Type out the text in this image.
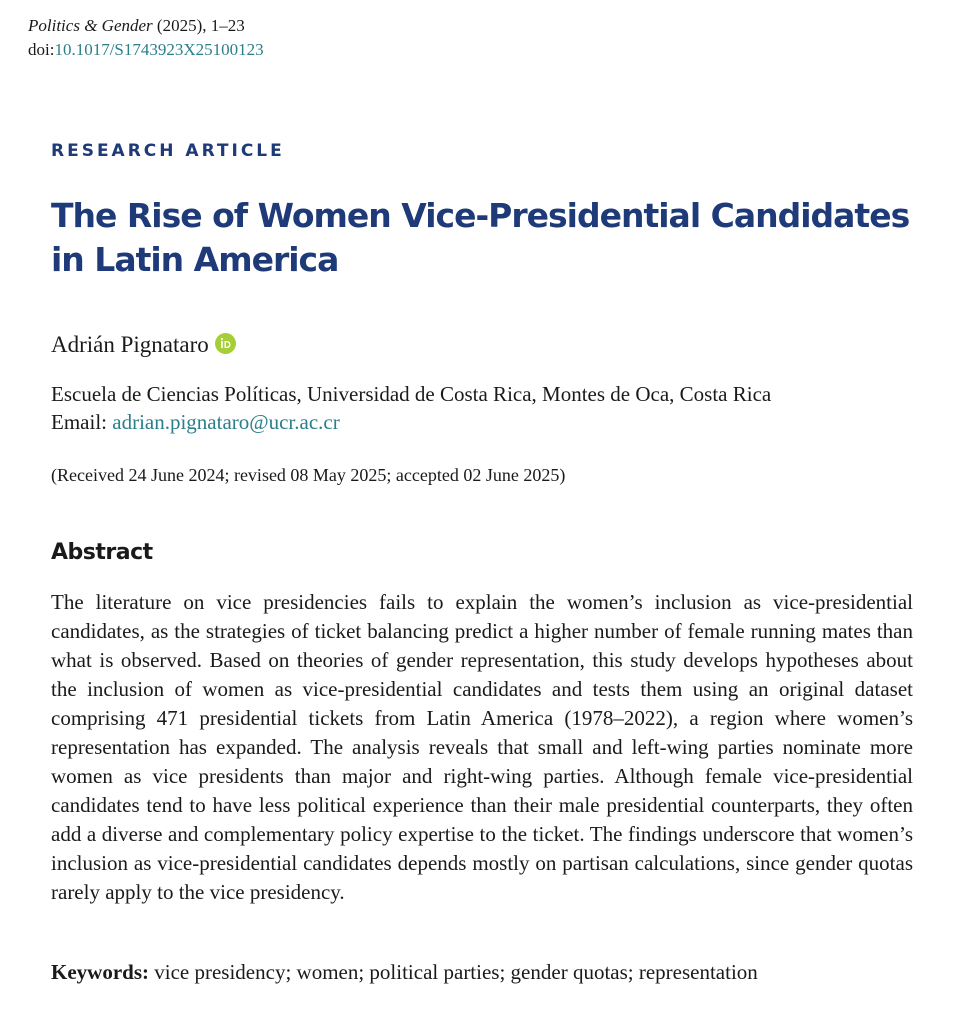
Politics & Gender (2025), 1–23
doi:10.1017/S1743923X25100123
RESEARCH ARTICLE
The Rise of Women Vice-Presidential Candidates in Latin America
Adrián Pignataro
Escuela de Ciencias Políticas, Universidad de Costa Rica, Montes de Oca, Costa Rica
Email: adrian.pignataro@ucr.ac.cr
(Received 24 June 2024; revised 08 May 2025; accepted 02 June 2025)
Abstract

The literature on vice presidencies fails to explain the women’s inclusion as vice-presidential candidates, as the strategies of ticket balancing predict a higher number of female running mates than what is observed. Based on theories of gender representation, this study develops hypotheses about the inclusion of women as vice-presidential candidates and tests them using an original dataset comprising 471 presidential tickets from Latin America (1978–2022), a region where women’s representation has expanded. The analysis reveals that small and left-wing parties nominate more women as vice presidents than major and right-wing parties. Although female vice-presidential candidates tend to have less political experience than their male presidential counterparts, they often add a diverse and complementary policy expertise to the ticket. The findings underscore that women’s inclusion as vice-presidential candidates depends mostly on partisan calculations, since gender quotas rarely apply to the vice presidency.

Keywords: vice presidency; women; political parties; gender quotas; representation
